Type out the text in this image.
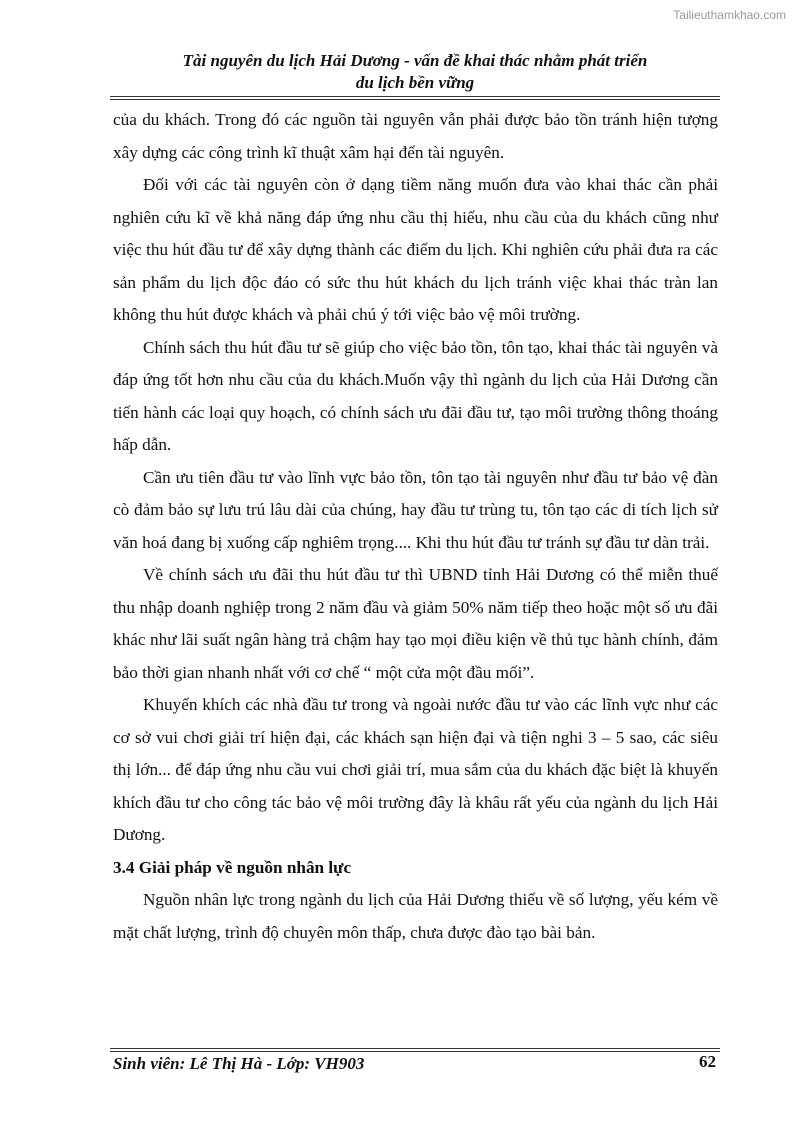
Tailieuthamkhao.com
Tài nguyên du lịch Hải Dương - vấn đề khai thác nhằm phát triển
du lịch bền vững

của du khách. Trong đó các nguồn tài nguyên vẫn phải được bảo tồn tránh hiện tượng xây dựng các công trình kĩ thuật xâm hại đến tài nguyên.

Đối với các tài nguyên còn ở dạng tiềm năng muốn đưa vào khai thác cần phải nghiên cứu kĩ về khả năng đáp ứng nhu cầu thị hiếu, nhu cầu của du khách cũng như việc thu hút đầu tư để xây dựng thành các điểm du lịch. Khi nghiên cứu phải đưa ra các sản phẩm du lịch độc đáo có sức thu hút khách du lịch tránh việc khai thác tràn lan không thu hút được khách và phải chú ý tới việc bảo vệ môi trường.

Chính sách thu hút đầu tư sẽ giúp cho việc bảo tồn, tôn tạo, khai thác tài nguyên và đáp ứng tốt hơn nhu cầu của du khách.Muốn vậy thì ngành du lịch của Hải Dương cần tiến hành các loại quy hoạch, có chính sách ưu đãi đầu tư, tạo môi trường thông thoáng hấp dẫn.

Cần ưu tiên đầu tư vào lĩnh vực bảo tồn, tôn tạo tài nguyên như đầu tư bảo vệ đàn cò đảm bảo sự lưu trú lâu dài của chúng, hay đầu tư trùng tu, tôn tạo các di tích lịch sử văn hoá đang bị xuống cấp nghiêm trọng.... Khi thu hút đầu tư tránh sự đầu tư dàn trải.

Về chính sách ưu đãi thu hút đầu tư thì UBND tỉnh Hải Dương có thể miễn thuế thu nhập doanh nghiệp trong 2 năm đầu và giảm 50% năm tiếp theo hoặc một số ưu đãi khác như lãi suất ngân hàng trả chậm hay tạo mọi điều kiện về thủ tục hành chính, đảm bảo thời gian nhanh nhất với cơ chế “ một cửa một đầu mối”.

Khuyến khích các nhà đầu tư trong và ngoài nước đầu tư vào các lĩnh vực như các cơ sở vui chơi giải trí hiện đại, các khách sạn hiện đại và tiện nghi 3 – 5 sao, các siêu thị lớn... để đáp ứng nhu cầu vui chơi giải trí, mua sắm của du khách đặc biệt là khuyến khích đầu tư cho công tác bảo vệ môi trường đây là khâu rất yếu của ngành du lịch Hải Dương.

3.4 Giải pháp về nguồn nhân lực

Nguồn nhân lực trong ngành du lịch của Hải Dương thiếu về số lượng, yếu kém về mặt chất lượng, trình độ chuyên môn thấp, chưa được đào tạo bài bản.

Sinh viên: Lê Thị Hà - Lớp: VH903	62
